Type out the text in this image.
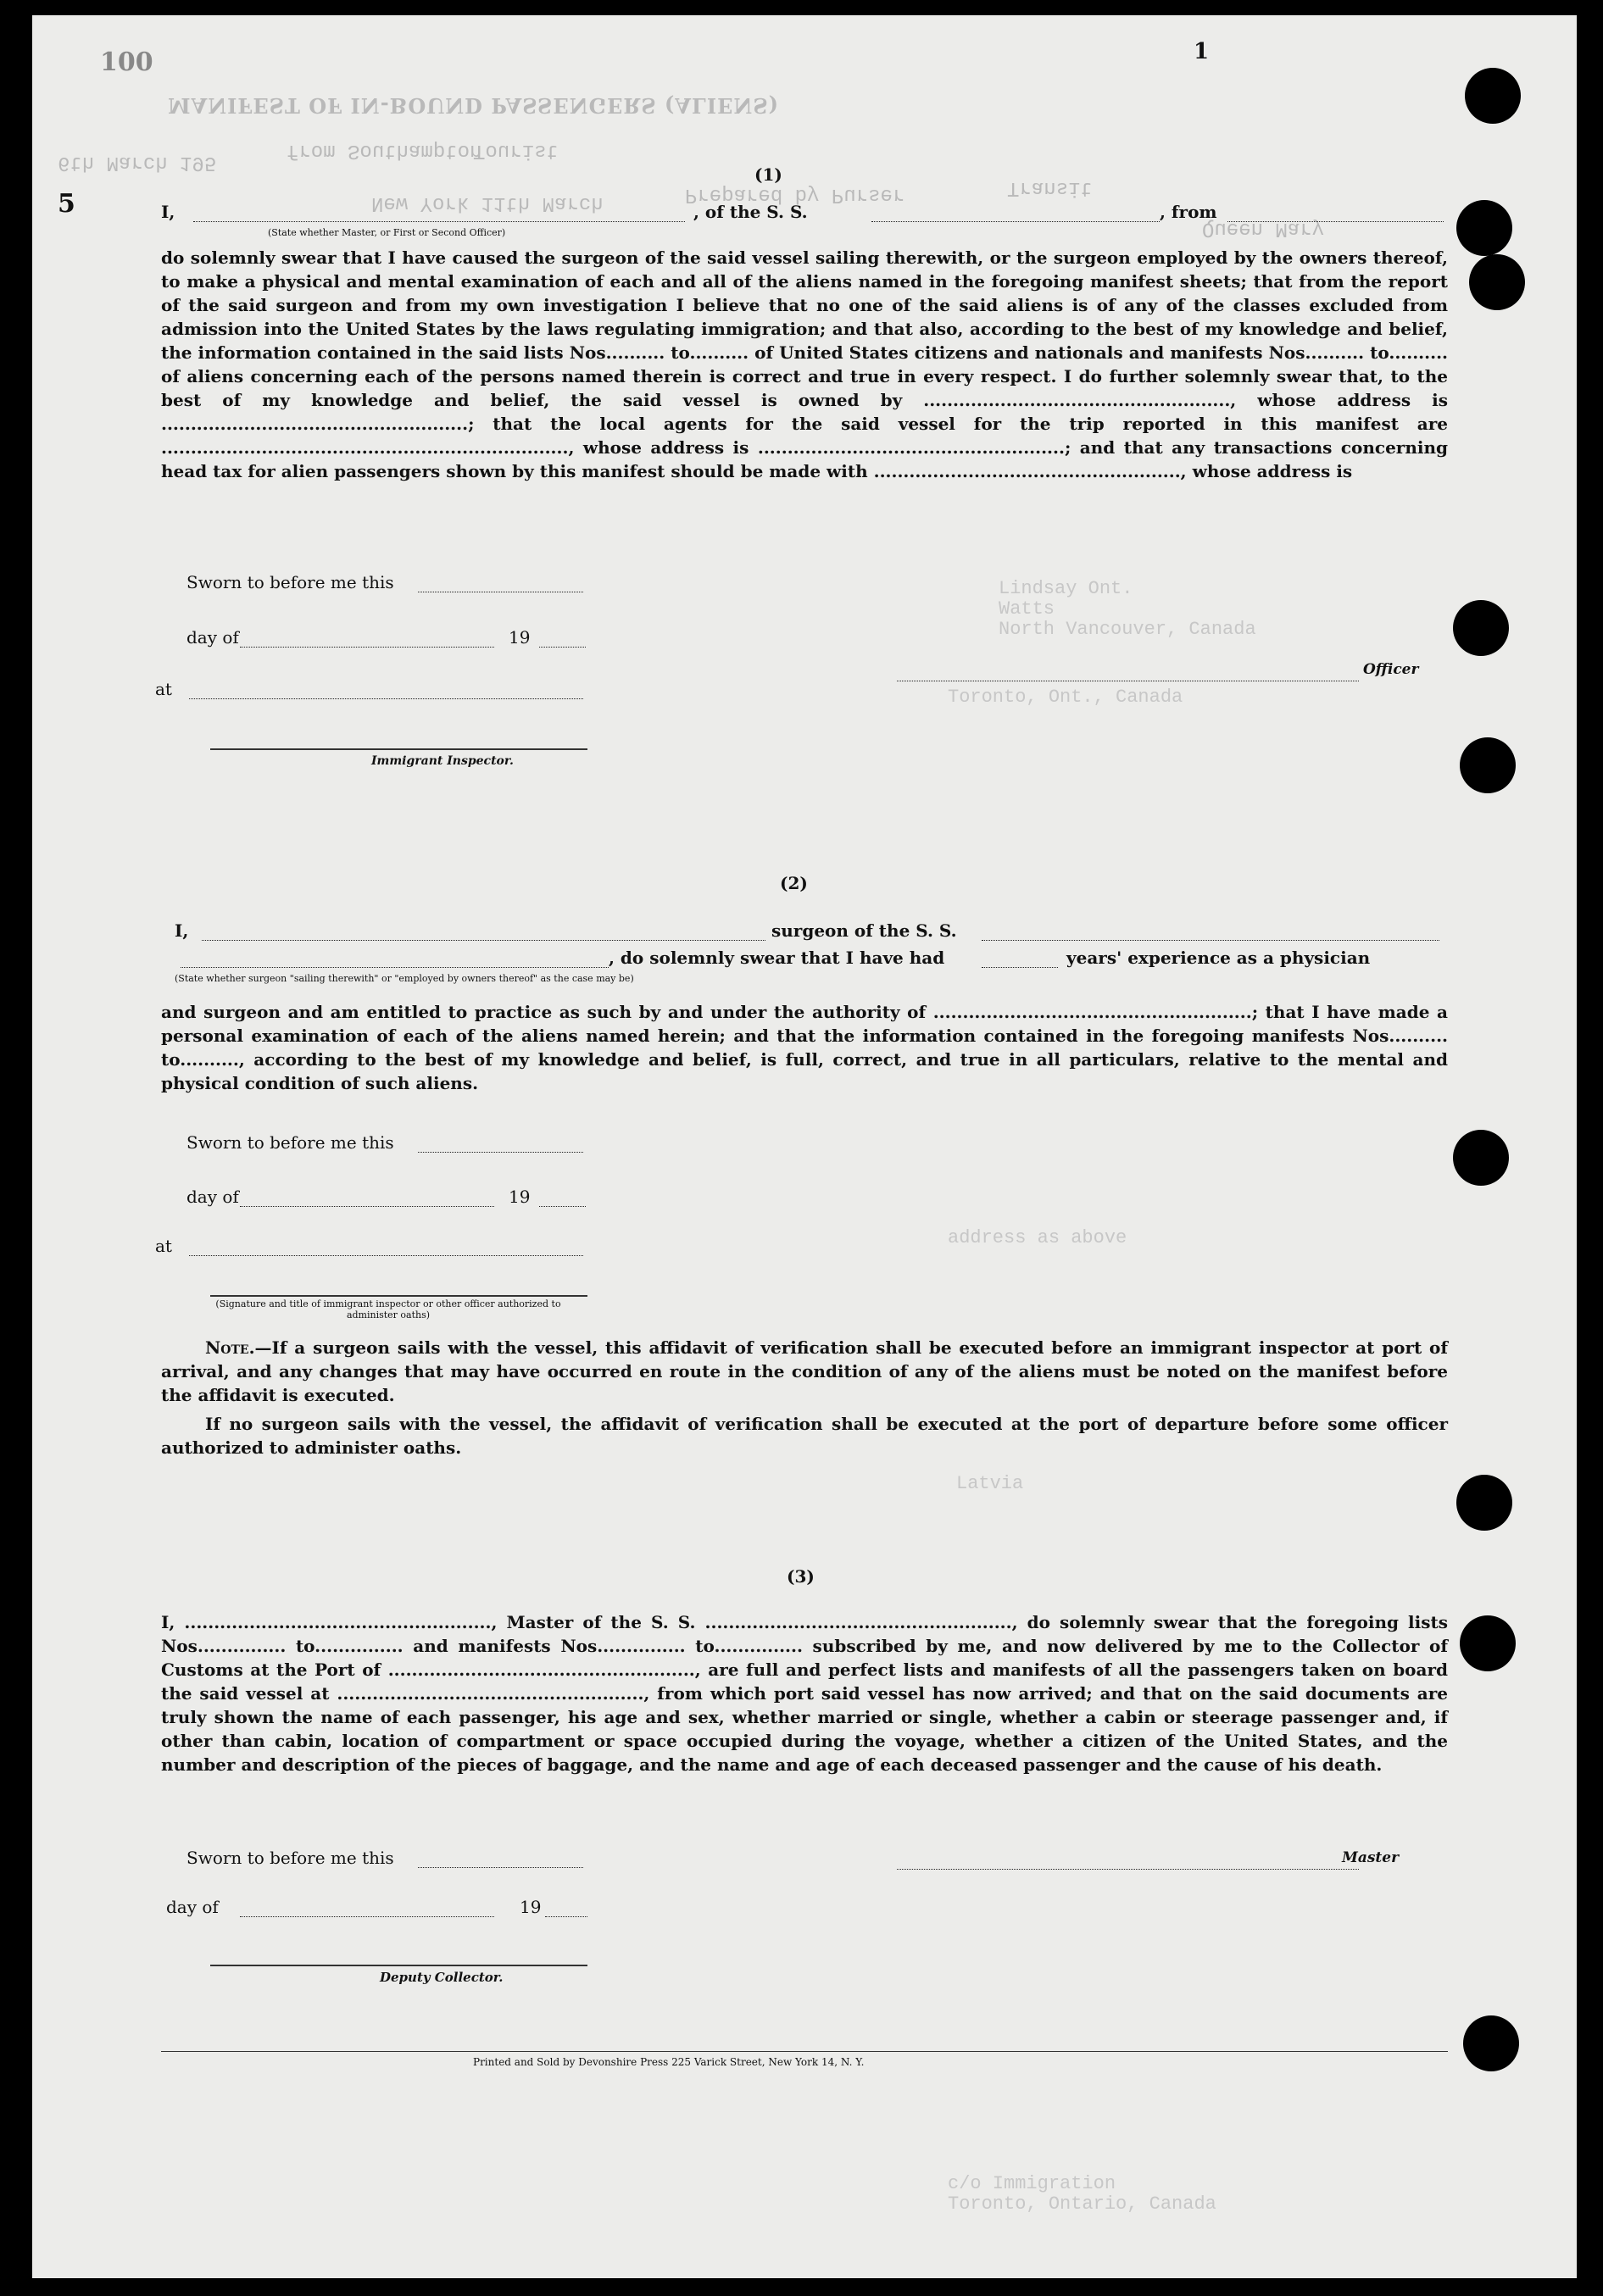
MANIFEST OF IN-BOUND PASSENGERS (ALIENS)
Tourist
from Southampton
6th March 195
Prepared by Purser
New York 11th March
Transit
Queen Mary
Lindsay Ont.
Watts
North Vancouver, Canada
Toronto, Ont., Canada
address as above
Latvia
Toronto, Ontario, Canada
c/o Immigration
100
5
1
(1)
I,	, of the S. S.	, from
(State whether Master, or First or Second Officer)

do solemnly swear that I have caused the surgeon of the said vessel sailing therewith, or the surgeon employed by the owners thereof, to make a physical and mental examination of each and all of the aliens named in the foregoing manifest sheets; that from the report of the said surgeon and from my own investigation I believe that no one of the said aliens is of any of the classes excluded from admission into the United States by the laws regulating immigration; and that also, according to the best of my knowledge and belief, the information contained in the said lists Nos.......... to.......... of United States citizens and nationals and manifests Nos.......... to.......... of aliens concerning each of the persons named therein is correct and true in every respect. I do further solemnly swear that, to the best of my knowledge and belief, the said vessel is owned by ...................................................., whose address is ....................................................; that the local agents for the said vessel for the trip reported in this manifest are ....................................................................., whose address is ....................................................; and that any transactions concerning head tax for alien passengers shown by this manifest should be made with ...................................................., whose address is

Sworn to before me this
day of	19
at
Immigrant Inspector.
Officer
(2)
I,	surgeon of the S. S.
, do solemnly swear that I have had	years' experience as a physician
(State whether surgeon "sailing therewith" or "employed by owners thereof" as the case may be)

and surgeon and am entitled to practice as such by and under the authority of ......................................................; that I have made a personal examination of each of the aliens named herein; and that the information contained in the foregoing manifests Nos.......... to.........., according to the best of my knowledge and belief, is full, correct, and true in all particulars, relative to the mental and physical condition of such aliens.

Sworn to before me this
day of	19
at
(Signature and title of immigrant inspector or other officer authorized to administer oaths)

Note.—If a surgeon sails with the vessel, this affidavit of verification shall be executed before an immigrant inspector at port of arrival, and any changes that may have occurred en route in the condition of any of the aliens must be noted on the manifest before the affidavit is executed.

If no surgeon sails with the vessel, the affidavit of verification shall be executed at the port of departure before some officer authorized to administer oaths.

(3)

I, ...................................................., Master of the S. S. ...................................................., do solemnly swear that the foregoing lists Nos............... to............... and manifests Nos............... to............... subscribed by me, and now delivered by me to the Collector of Customs at the Port of ...................................................., are full and perfect lists and manifests of all the passengers taken on board the said vessel at ...................................................., from which port said vessel has now arrived; and that on the said documents are truly shown the name of each passenger, his age and sex, whether married or single, whether a cabin or steerage passenger and, if other than cabin, location of compartment or space occupied during the voyage, whether a citizen of the United States, and the number and description of the pieces of baggage, and the name and age of each deceased passenger and the cause of his death.

Sworn to before me this
day of	19
Deputy Collector.
Master
Printed and Sold by Devonshire Press 225 Varick Street, New York 14, N. Y.
